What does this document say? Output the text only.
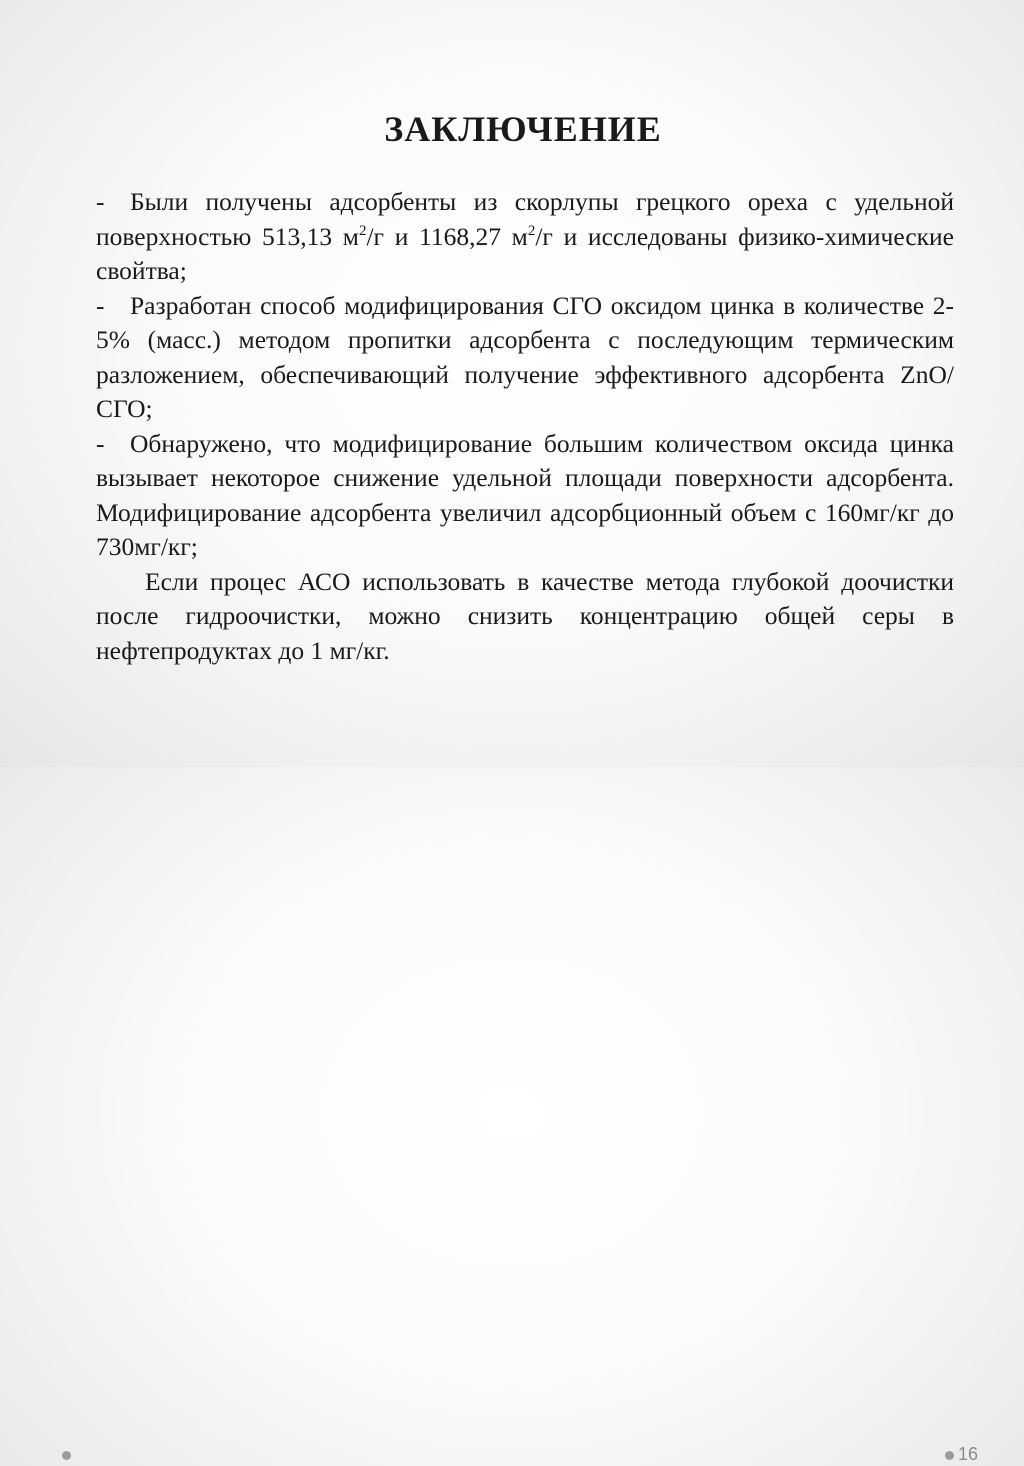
ЗАКЛЮЧЕНИЕ

- Были получены адсорбенты из скорлупы грецкого ореха с удельной поверхностью 513,13 $м^2/г$ и 1168,27 $м^2/г$ и исследованы физико-химические свойтва;

- Разработан способ модифицирования СГО оксидом цинка в количестве 2-5% (масс.) методом пропитки адсорбента с последующим термическим разложением, обеспечивающий получение эффективного адсорбента ZnO/СГО;

- Обнаружено, что модифицирование большим количеством оксида цинка вызывает некоторое снижение удельной площади поверхности адсорбента. Модифицирование адсорбента увеличил адсорбционный объем с 160мг/кг до 730мг/кг;

Если процес АСО использовать в качестве метода глубокой доочистки после гидроочистки, можно снизить концентрацию общей серы в нефтепродуктах до 1 мг/кг.

16
